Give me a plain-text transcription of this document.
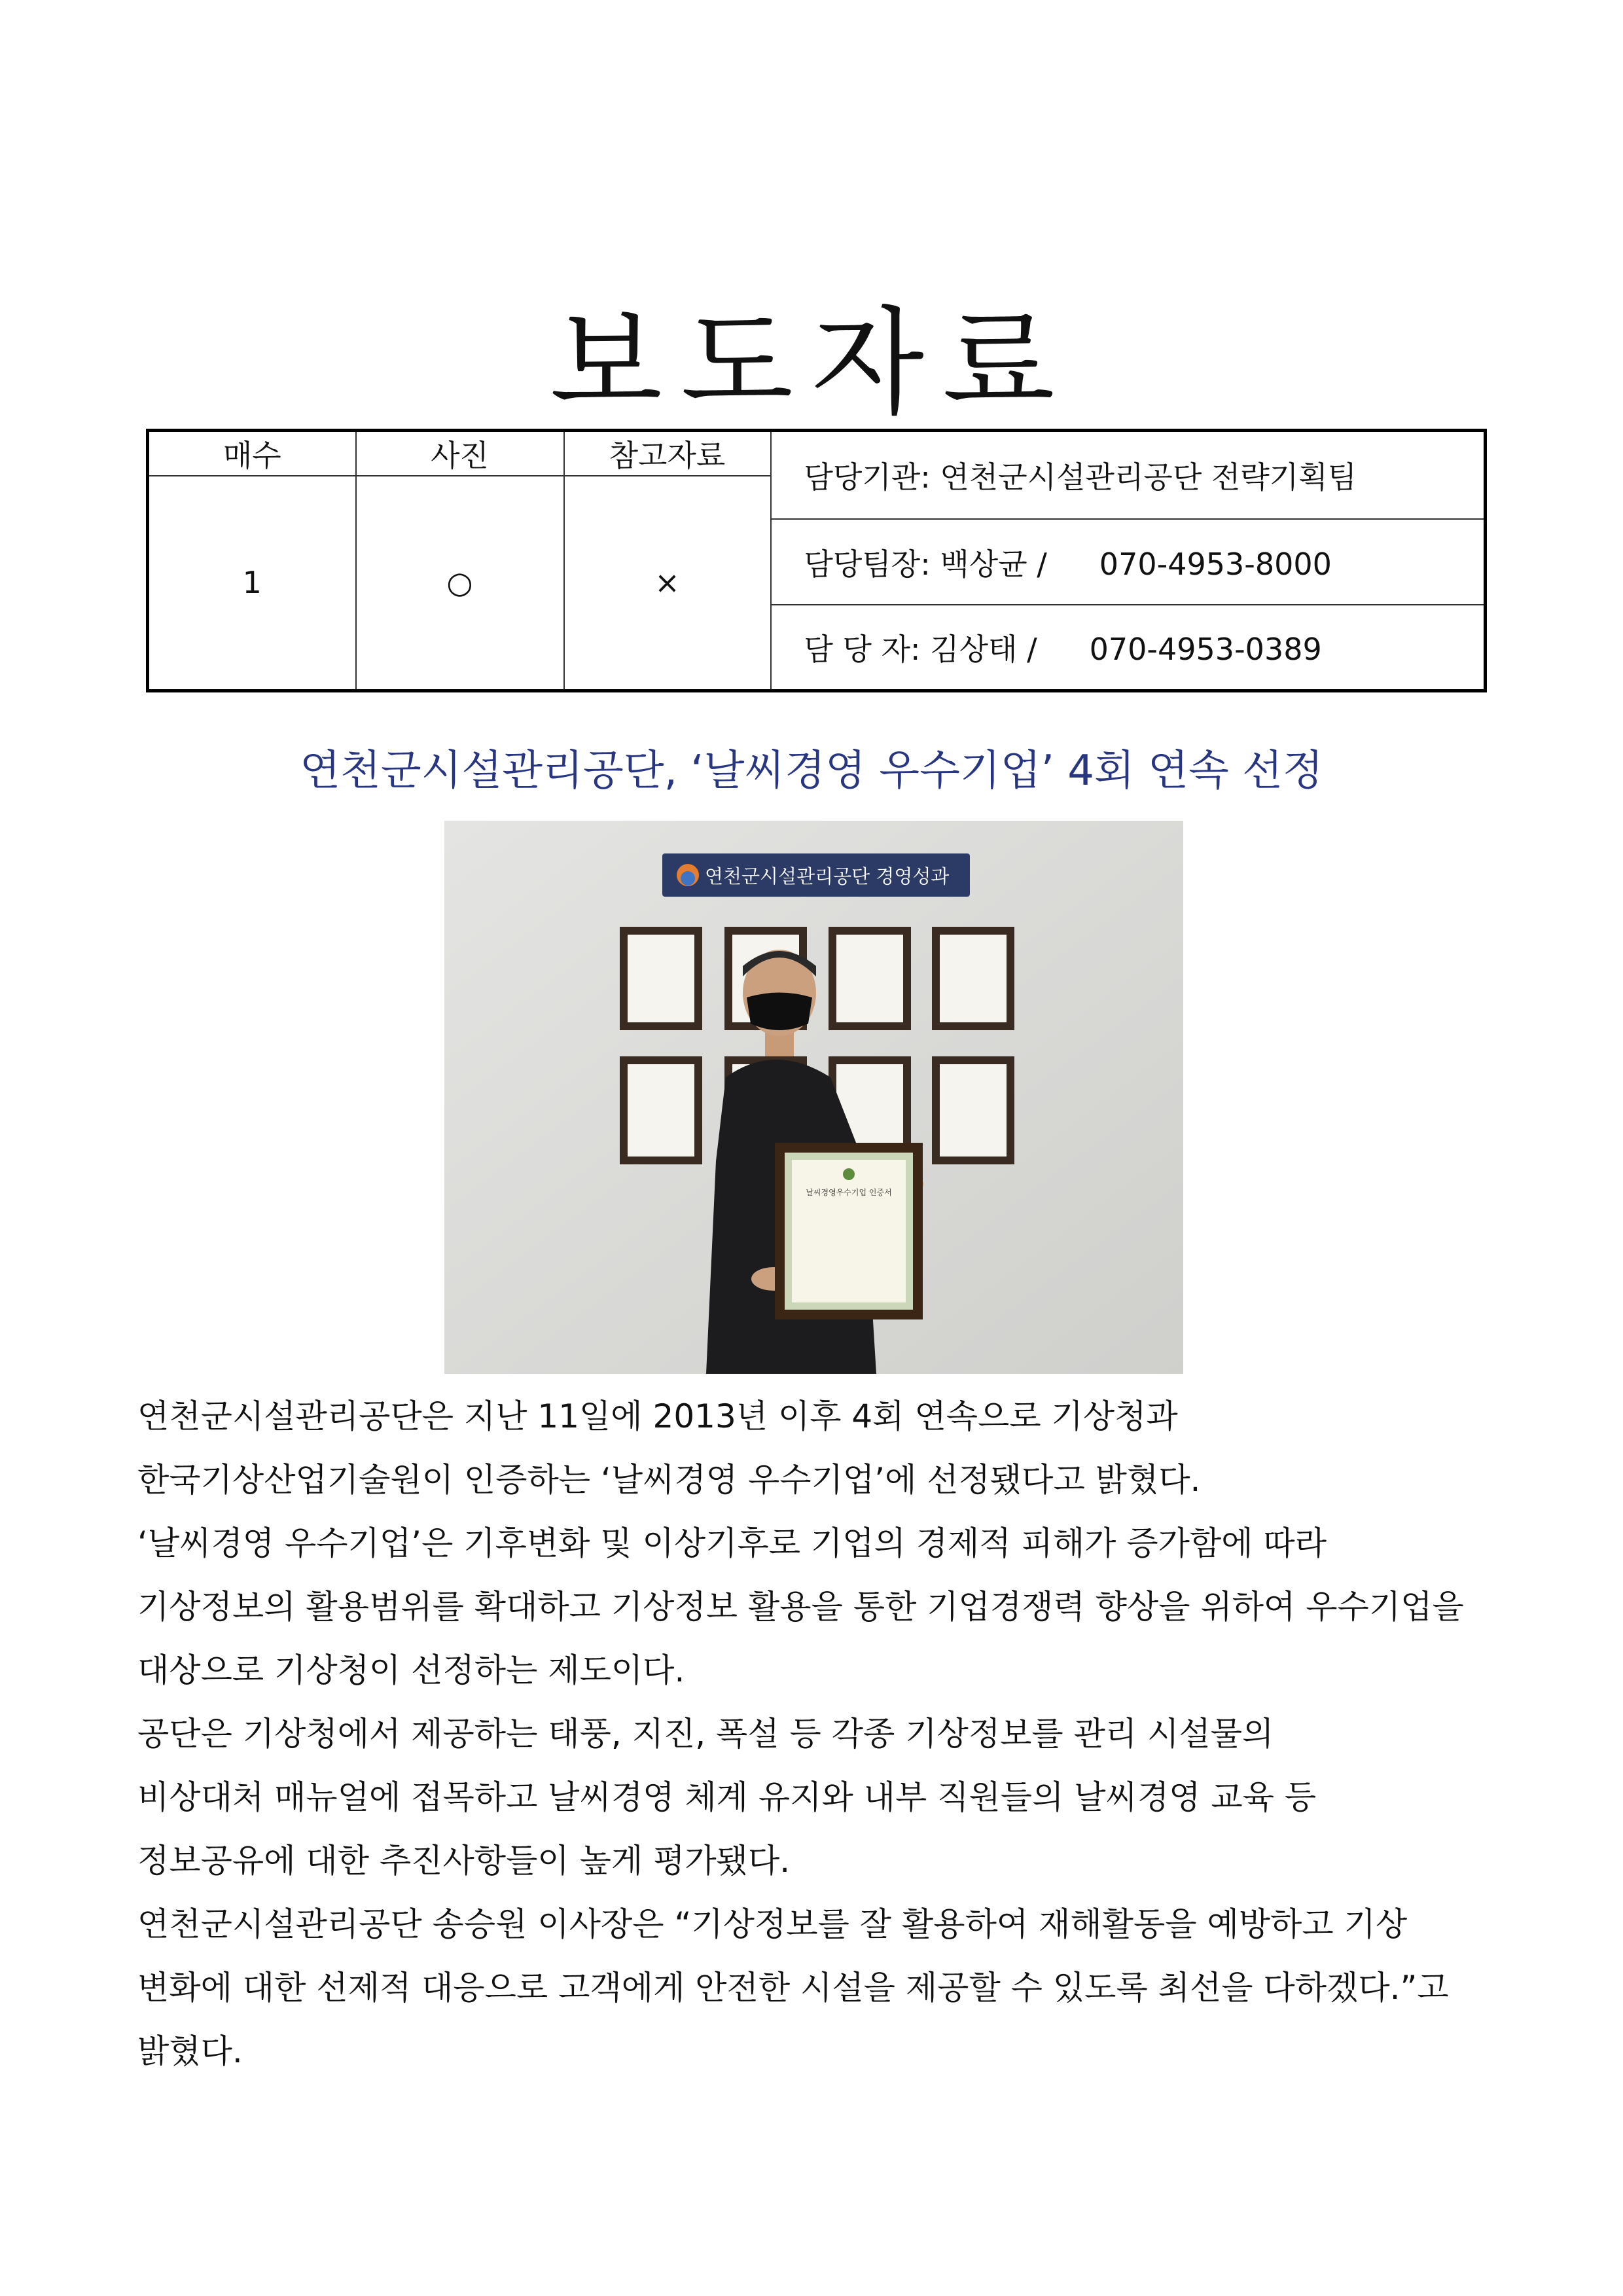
보도자료
매수	사진	참고자료	담당기관: 연천군시설관리공단 전략기획팀
1	○	×	
			담당팀장: 백상균 / 070-4953-8000
			담 당 자: 김상태 / 070-4953-0389
연천군시설관리공단, ‘날씨경영 우수기업’ 4회 연속 선정
연천군시설관리공단 경영성과
날씨경영우수기업 인증서

연천군시설관리공단은 지난 11일에 2013년 이후 4회 연속으로 기상청과

한국기상산업기술원이 인증하는 ‘날씨경영 우수기업’에 선정됐다고 밝혔다.

‘날씨경영 우수기업’은 기후변화 및 이상기후로 기업의 경제적 피해가 증가함에 따라

기상정보의 활용범위를 확대하고 기상정보 활용을 통한 기업경쟁력 향상을 위하여 우수기업을

대상으로 기상청이 선정하는 제도이다.

공단은 기상청에서 제공하는 태풍, 지진, 폭설 등 각종 기상정보를 관리 시설물의

비상대처 매뉴얼에 접목하고 날씨경영 체계 유지와 내부 직원들의 날씨경영 교육 등

정보공유에 대한 추진사항들이 높게 평가됐다.

연천군시설관리공단 송승원 이사장은 “기상정보를 잘 활용하여 재해활동을 예방하고 기상

변화에 대한 선제적 대응으로 고객에게 안전한 시설을 제공할 수 있도록 최선을 다하겠다.”고

밝혔다.
